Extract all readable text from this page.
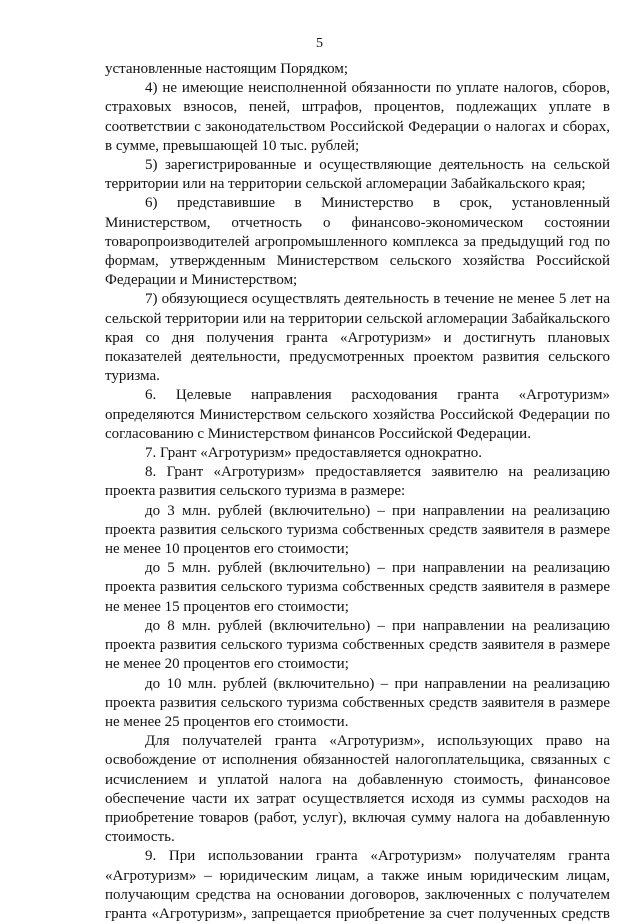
5

установленные настоящим Порядком;

4) не имеющие неисполненной обязанности по уплате налогов, сборов, страховых взносов, пеней, штрафов, процентов, подлежащих уплате в соответствии с законодательством Российской Федерации о налогах и сборах, в сумме, превышающей 10 тыс. рублей;

5) зарегистрированные и осуществляющие деятельность на сельской территории или на территории сельской агломерации Забайкальского края;

6) представившие в Министерство в срок, установленный Министерством, отчетность о финансово-экономическом состоянии товаропроизводителей агропромышленного комплекса за предыдущий год по формам, утвержденным Министерством сельского хозяйства Российской Федерации и Министерством;

7) обязующиеся осуществлять деятельность в течение не менее 5 лет на сельской территории или на территории сельской агломерации Забайкальского края со дня получения гранта «Агротуризм» и достигнуть плановых показателей деятельности, предусмотренных проектом развития сельского туризма.

6. Целевые направления расходования гранта «Агротуризм» определяются Министерством сельского хозяйства Российской Федерации по согласованию с Министерством финансов Российской Федерации.

7. Грант «Агротуризм» предоставляется однократно.

8. Грант «Агротуризм» предоставляется заявителю на реализацию проекта развития сельского туризма в размере:

до 3 млн. рублей (включительно) – при направлении на реализацию проекта развития сельского туризма собственных средств заявителя в размере не менее 10 процентов его стоимости;

до 5 млн. рублей (включительно) – при направлении на реализацию проекта развития сельского туризма собственных средств заявителя в размере не менее 15 процентов его стоимости;

до 8 млн. рублей (включительно) – при направлении на реализацию проекта развития сельского туризма собственных средств заявителя в размере не менее 20 процентов его стоимости;

до 10 млн. рублей (включительно) – при направлении на реализацию проекта развития сельского туризма собственных средств заявителя в размере не менее 25 процентов его стоимости.

Для получателей гранта «Агротуризм», использующих право на освобождение от исполнения обязанностей налогоплательщика, связанных с исчислением и уплатой налога на добавленную стоимость, финансовое обеспечение части их затрат осуществляется исходя из суммы расходов на приобретение товаров (работ, услуг), включая сумму налога на добавленную стоимость.

9. При использовании гранта «Агротуризм» получателям гранта «Агротуризм» – юридическим лицам, а также иным юридическим лицам, получающим средства на основании договоров, заключенных с получателем гранта «Агротуризм», запрещается приобретение за счет полученных средств
